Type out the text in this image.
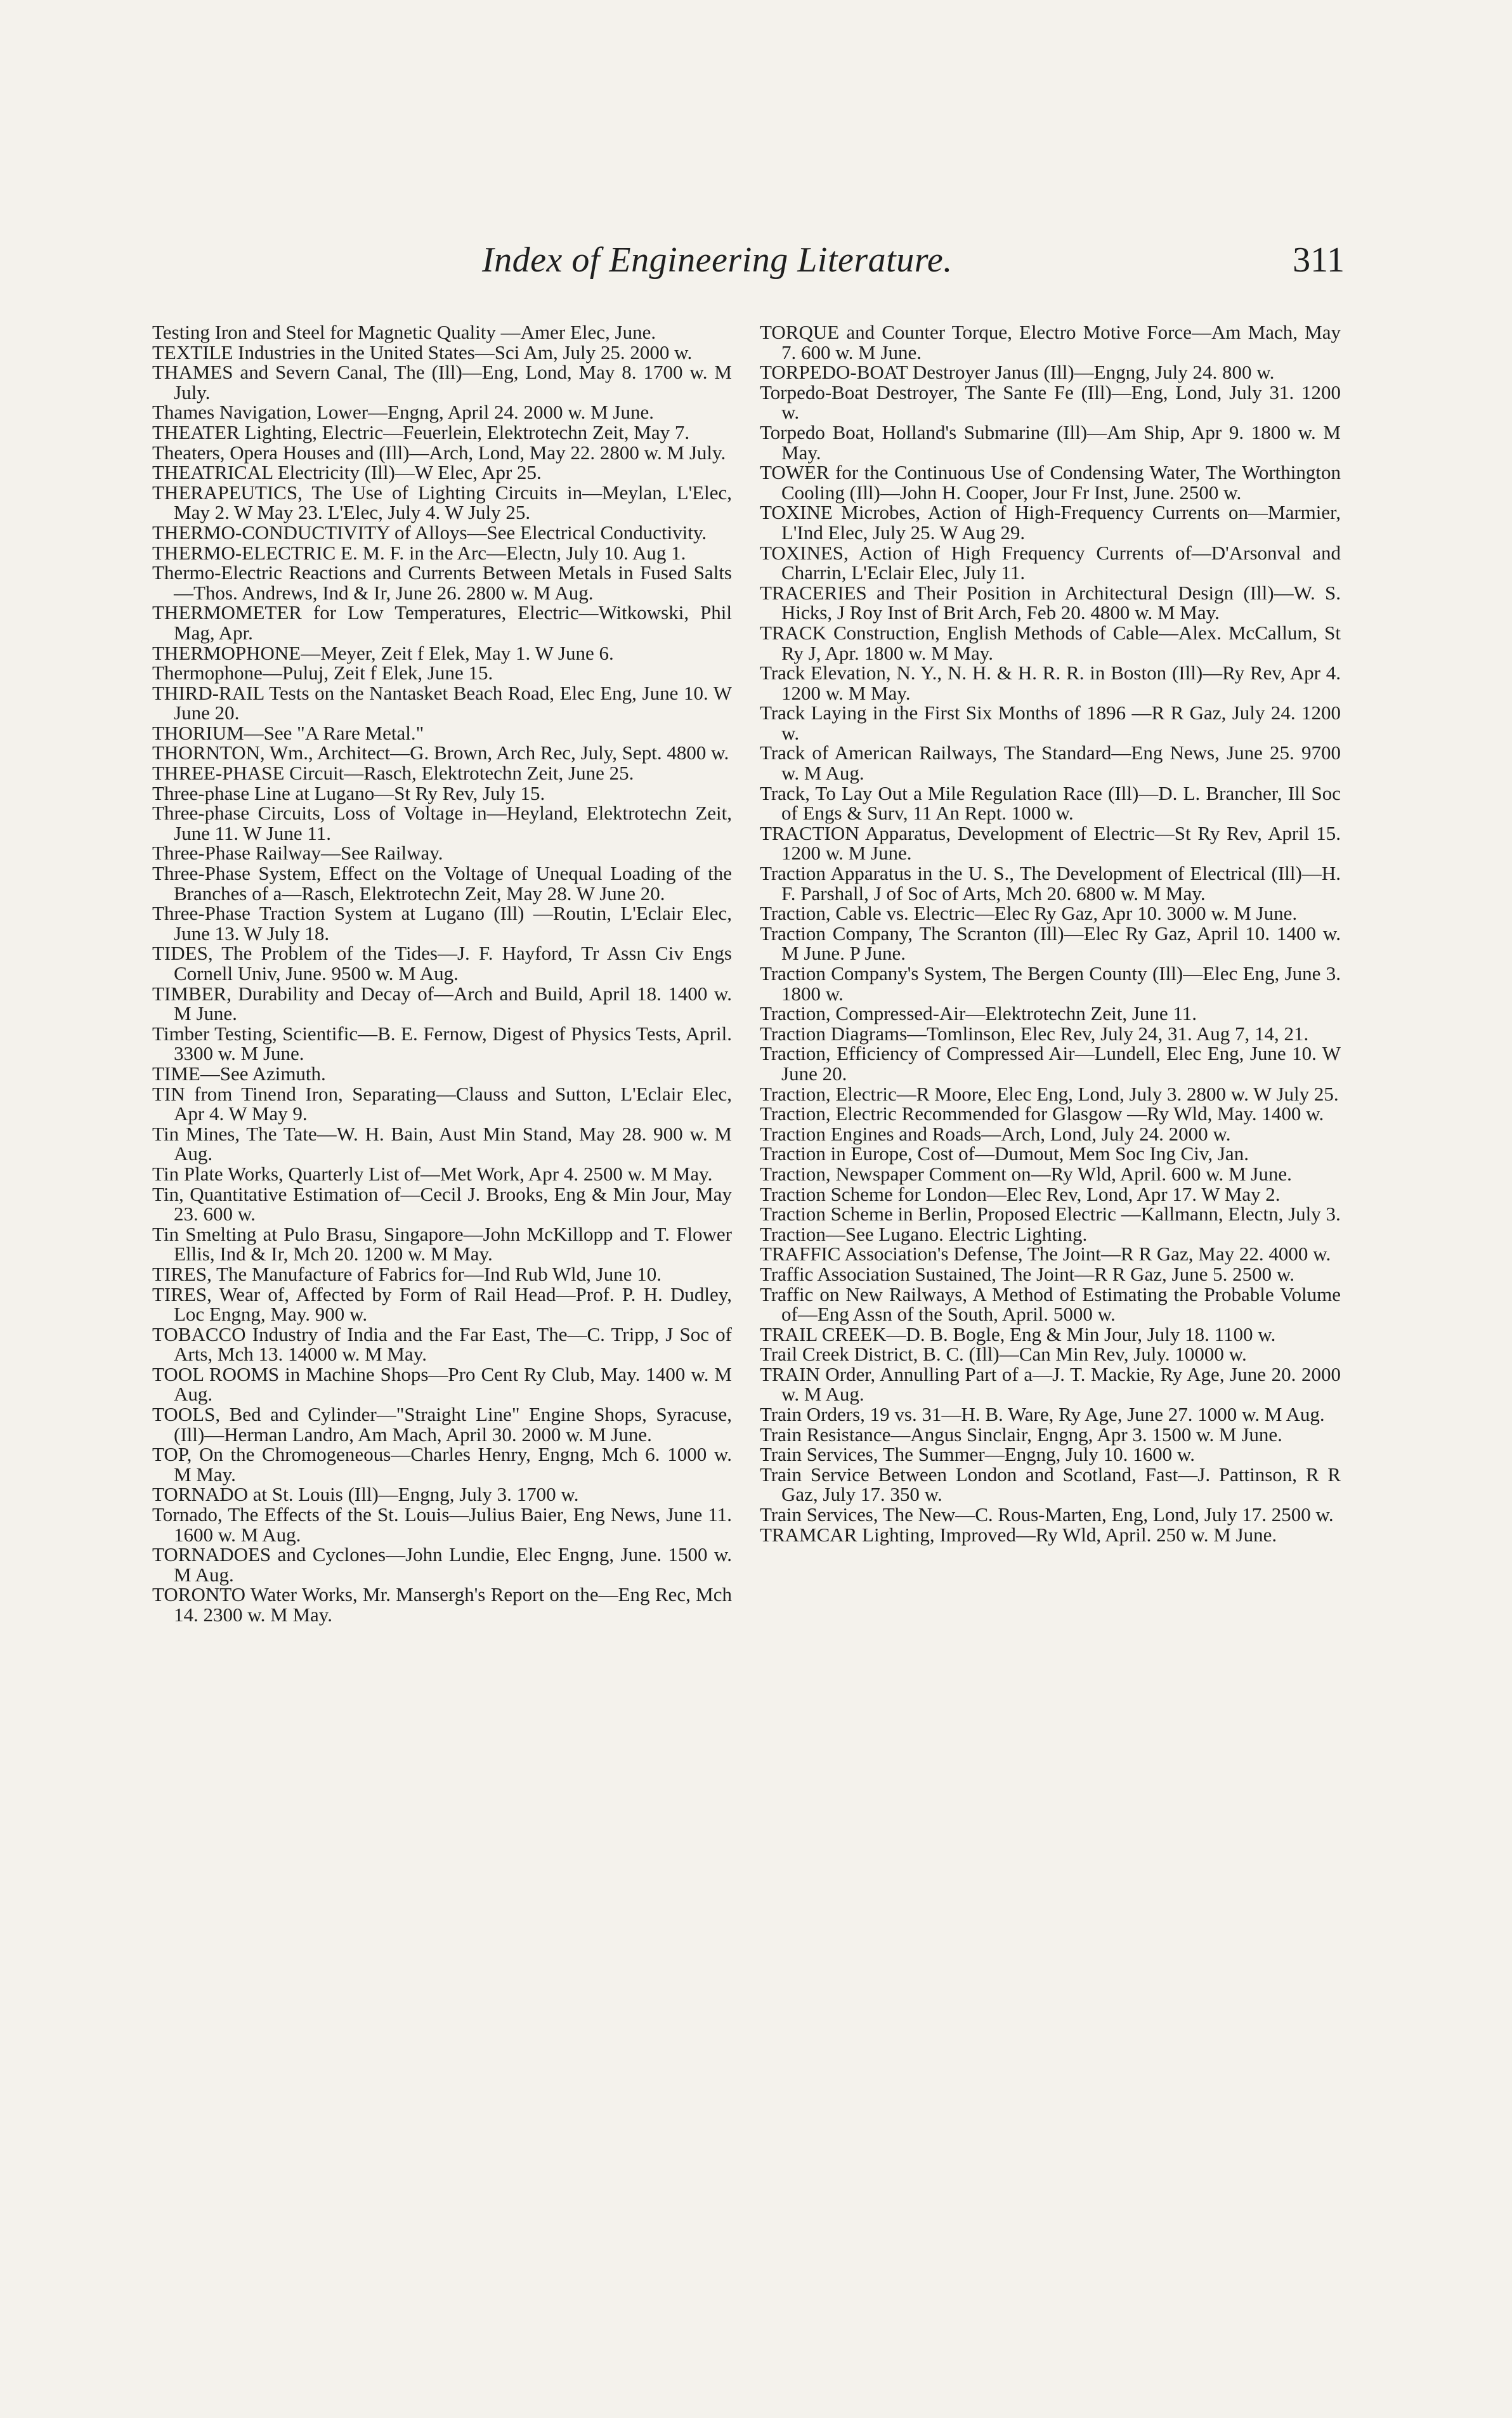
Index of Engineering Literature.	311

Testing Iron and Steel for Magnetic Quality —Amer Elec, June.

TEXTILE Industries in the United States—Sci Am, July 25. 2000 w.

THAMES and Severn Canal, The (Ill)—Eng, Lond, May 8. 1700 w. M July.

Thames Navigation, Lower—Engng, April 24. 2000 w. M June.

THEATER Lighting, Electric—Feuerlein, Elektrotechn Zeit, May 7.

Theaters, Opera Houses and (Ill)—Arch, Lond, May 22. 2800 w. M July.

THEATRICAL Electricity (Ill)—W Elec, Apr 25.

THERAPEUTICS, The Use of Lighting Circuits in—Meylan, L'Elec, May 2. W May 23. L'Elec, July 4. W July 25.

THERMO-CONDUCTIVITY of Alloys—See Electrical Conductivity.

THERMO-ELECTRIC E. M. F. in the Arc—Electn, July 10. Aug 1.

Thermo-Electric Reactions and Currents Between Metals in Fused Salts—Thos. Andrews, Ind & Ir, June 26. 2800 w. M Aug.

THERMOMETER for Low Temperatures, Electric—Witkowski, Phil Mag, Apr.

THERMOPHONE—Meyer, Zeit f Elek, May 1. W June 6.

Thermophone—Puluj, Zeit f Elek, June 15.

THIRD-RAIL Tests on the Nantasket Beach Road, Elec Eng, June 10. W June 20.

THORIUM—See "A Rare Metal."

THORNTON, Wm., Architect—G. Brown, Arch Rec, July, Sept. 4800 w.

THREE-PHASE Circuit—Rasch, Elektrotechn Zeit, June 25.

Three-phase Line at Lugano—St Ry Rev, July 15.

Three-phase Circuits, Loss of Voltage in—Heyland, Elektrotechn Zeit, June 11. W June 11.

Three-Phase Railway—See Railway.

Three-Phase System, Effect on the Voltage of Unequal Loading of the Branches of a—Rasch, Elektrotechn Zeit, May 28. W June 20.

Three-Phase Traction System at Lugano (Ill) —Routin, L'Eclair Elec, June 13. W July 18.

TIDES, The Problem of the Tides—J. F. Hayford, Tr Assn Civ Engs Cornell Univ, June. 9500 w. M Aug.

TIMBER, Durability and Decay of—Arch and Build, April 18. 1400 w. M June.

Timber Testing, Scientific—B. E. Fernow, Digest of Physics Tests, April. 3300 w. M June.

TIME—See Azimuth.

TIN from Tinend Iron, Separating—Clauss and Sutton, L'Eclair Elec, Apr 4. W May 9.

Tin Mines, The Tate—W. H. Bain, Aust Min Stand, May 28. 900 w. M Aug.

Tin Plate Works, Quarterly List of—Met Work, Apr 4. 2500 w. M May.

Tin, Quantitative Estimation of—Cecil J. Brooks, Eng & Min Jour, May 23. 600 w.

Tin Smelting at Pulo Brasu, Singapore—John McKillopp and T. Flower Ellis, Ind & Ir, Mch 20. 1200 w. M May.

TIRES, The Manufacture of Fabrics for—Ind Rub Wld, June 10.

TIRES, Wear of, Affected by Form of Rail Head—Prof. P. H. Dudley, Loc Engng, May. 900 w.

TOBACCO Industry of India and the Far East, The—C. Tripp, J Soc of Arts, Mch 13. 14000 w. M May.

TOOL ROOMS in Machine Shops—Pro Cent Ry Club, May. 1400 w. M Aug.

TOOLS, Bed and Cylinder—"Straight Line" Engine Shops, Syracuse, (Ill)—Herman Landro, Am Mach, April 30. 2000 w. M June.

TOP, On the Chromogeneous—Charles Henry, Engng, Mch 6. 1000 w. M May.

TORNADO at St. Louis (Ill)—Engng, July 3. 1700 w.

Tornado, The Effects of the St. Louis—Julius Baier, Eng News, June 11. 1600 w. M Aug.

TORNADOES and Cyclones—John Lundie, Elec Engng, June. 1500 w. M Aug.

TORONTO Water Works, Mr. Mansergh's Report on the—Eng Rec, Mch 14. 2300 w. M May.

TORQUE and Counter Torque, Electro Motive Force—Am Mach, May 7. 600 w. M June.

TORPEDO-BOAT Destroyer Janus (Ill)—Engng, July 24. 800 w.

Torpedo-Boat Destroyer, The Sante Fe (Ill)—Eng, Lond, July 31. 1200 w.

Torpedo Boat, Holland's Submarine (Ill)—Am Ship, Apr 9. 1800 w. M May.

TOWER for the Continuous Use of Condensing Water, The Worthington Cooling (Ill)—John H. Cooper, Jour Fr Inst, June. 2500 w.

TOXINE Microbes, Action of High-Frequency Currents on—Marmier, L'Ind Elec, July 25. W Aug 29.

TOXINES, Action of High Frequency Currents of—D'Arsonval and Charrin, L'Eclair Elec, July 11.

TRACERIES and Their Position in Architectural Design (Ill)—W. S. Hicks, J Roy Inst of Brit Arch, Feb 20. 4800 w. M May.

TRACK Construction, English Methods of Cable—Alex. McCallum, St Ry J, Apr. 1800 w. M May.

Track Elevation, N. Y., N. H. & H. R. R. in Boston (Ill)—Ry Rev, Apr 4. 1200 w. M May.

Track Laying in the First Six Months of 1896 —R R Gaz, July 24. 1200 w.

Track of American Railways, The Standard—Eng News, June 25. 9700 w. M Aug.

Track, To Lay Out a Mile Regulation Race (Ill)—D. L. Brancher, Ill Soc of Engs & Surv, 11 An Rept. 1000 w.

TRACTION Apparatus, Development of Electric—St Ry Rev, April 15. 1200 w. M June.

Traction Apparatus in the U. S., The Development of Electrical (Ill)—H. F. Parshall, J of Soc of Arts, Mch 20. 6800 w. M May.

Traction, Cable vs. Electric—Elec Ry Gaz, Apr 10. 3000 w. M June.

Traction Company, The Scranton (Ill)—Elec Ry Gaz, April 10. 1400 w. M June. P June.

Traction Company's System, The Bergen County (Ill)—Elec Eng, June 3. 1800 w.

Traction, Compressed-Air—Elektrotechn Zeit, June 11.

Traction Diagrams—Tomlinson, Elec Rev, July 24, 31. Aug 7, 14, 21.

Traction, Efficiency of Compressed Air—Lundell, Elec Eng, June 10. W June 20.

Traction, Electric—R Moore, Elec Eng, Lond, July 3. 2800 w. W July 25.

Traction, Electric Recommended for Glasgow —Ry Wld, May. 1400 w.

Traction Engines and Roads—Arch, Lond, July 24. 2000 w.

Traction in Europe, Cost of—Dumout, Mem Soc Ing Civ, Jan.

Traction, Newspaper Comment on—Ry Wld, April. 600 w. M June.

Traction Scheme for London—Elec Rev, Lond, Apr 17. W May 2.

Traction Scheme in Berlin, Proposed Electric —Kallmann, Electn, July 3.

Traction—See Lugano. Electric Lighting.

TRAFFIC Association's Defense, The Joint—R R Gaz, May 22. 4000 w.

Traffic Association Sustained, The Joint—R R Gaz, June 5. 2500 w.

Traffic on New Railways, A Method of Estimating the Probable Volume of—Eng Assn of the South, April. 5000 w.

TRAIL CREEK—D. B. Bogle, Eng & Min Jour, July 18. 1100 w.

Trail Creek District, B. C. (Ill)—Can Min Rev, July. 10000 w.

TRAIN Order, Annulling Part of a—J. T. Mackie, Ry Age, June 20. 2000 w. M Aug.

Train Orders, 19 vs. 31—H. B. Ware, Ry Age, June 27. 1000 w. M Aug.

Train Resistance—Angus Sinclair, Engng, Apr 3. 1500 w. M June.

Train Services, The Summer—Engng, July 10. 1600 w.

Train Service Between London and Scotland, Fast—J. Pattinson, R R Gaz, July 17. 350 w.

Train Services, The New—C. Rous-Marten, Eng, Lond, July 17. 2500 w.

TRAMCAR Lighting, Improved—Ry Wld, April. 250 w. M June.
